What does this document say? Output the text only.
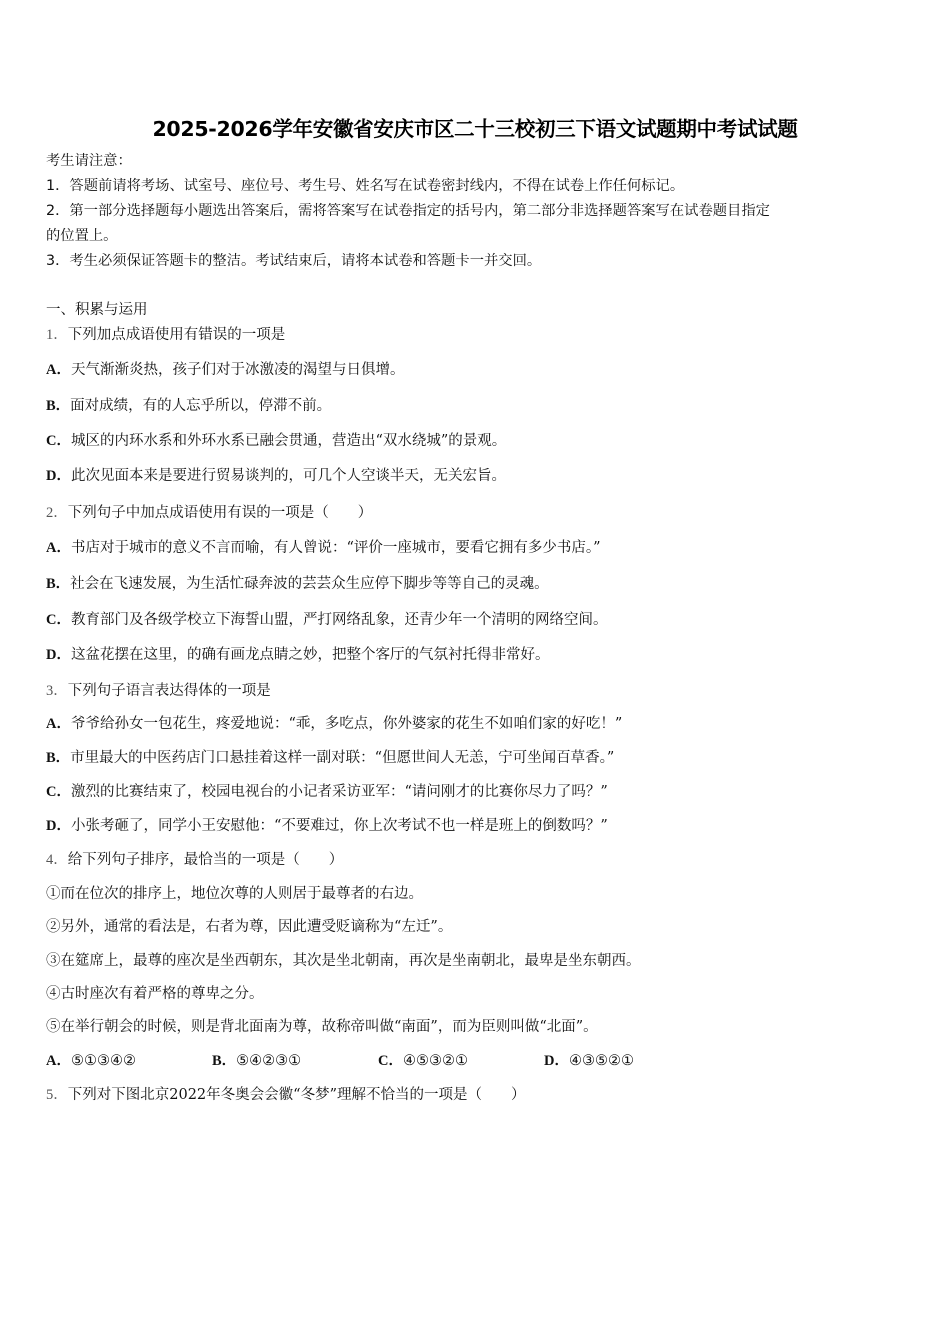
2025-2026学年安徽省安庆市区二十三校初三下语文试题期中考试试题
考生请注意：
1．答题前请将考场、试室号、座位号、考生号、姓名写在试卷密封线内，不得在试卷上作任何标记。
2．第一部分选择题每小题选出答案后，需将答案写在试卷指定的括号内，第二部分非选择题答案写在试卷题目指定
的位置上。
3．考生必须保证答题卡的整洁。考试结束后，请将本试卷和答题卡一并交回。
一、积累与运用
1．下列加点成语使用有错误的一项是
A．天气渐渐炎热，孩子们对于冰激凌的渴望与日俱增。
B．面对成绩，有的人忘乎所以，停滞不前。
C．城区的内环水系和外环水系已融会贯通，营造出“双水绕城”的景观。
D．此次见面本来是要进行贸易谈判的，可几个人空谈半天，无关宏旨。
2．下列句子中加点成语使用有误的一项是（　　）
A．书店对于城市的意义不言而喻，有人曾说：“评价一座城市，要看它拥有多少书店。”
B．社会在飞速发展，为生活忙碌奔波的芸芸众生应停下脚步等等自己的灵魂。
C．教育部门及各级学校立下海誓山盟，严打网络乱象，还青少年一个清明的网络空间。
D．这盆花摆在这里，的确有画龙点睛之妙，把整个客厅的气氛衬托得非常好。
3．下列句子语言表达得体的一项是
A．爷爷给孙女一包花生，疼爱地说：“乖，多吃点，你外婆家的花生不如咱们家的好吃！”
B．市里最大的中医药店门口悬挂着这样一副对联：“但愿世间人无恙，宁可坐闻百草香。”
C．激烈的比赛结束了，校园电视台的小记者采访亚军：“请问刚才的比赛你尽力了吗？”
D．小张考砸了，同学小王安慰他：“不要难过，你上次考试不也一样是班上的倒数吗？”
4．给下列句子排序，最恰当的一项是（　　）
①而在位次的排序上，地位次尊的人则居于最尊者的右边。
②另外，通常的看法是，右者为尊，因此遭受贬谪称为“左迁”。
③在筵席上，最尊的座次是坐西朝东，其次是坐北朝南，再次是坐南朝北，最卑是坐东朝西。
④古时座次有着严格的尊卑之分。
⑤在举行朝会的时候，则是背北面南为尊，故称帝叫做“南面”，而为臣则叫做“北面”。
A．⑤①③④②	B．⑤④②③①	C．④⑤③②①	D．④③⑤②①
5．下列对下图北京2022年冬奥会会徽“冬梦”理解不恰当的一项是（　　）
